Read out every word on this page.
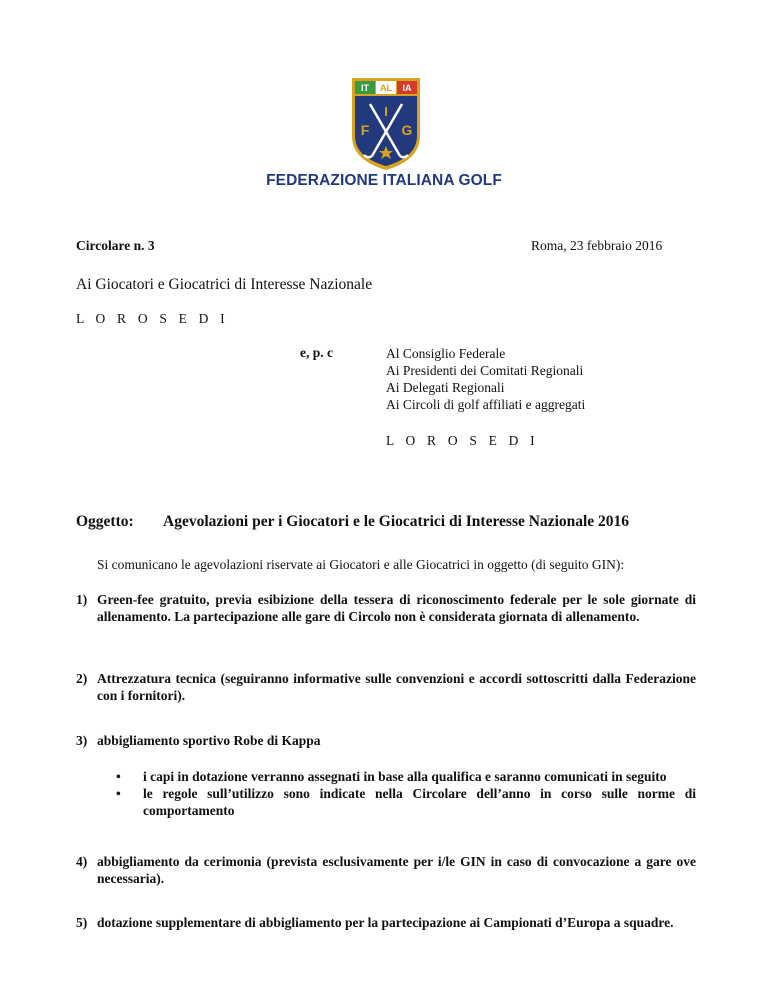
IT AL IA
I
F G
FEDERAZIONE ITALIANA GOLF
Circolare n. 3	Roma, 23 febbraio 2016
Ai Giocatori e Giocatrici di Interesse Nazionale
L O R O S E D I
e, p. c	Al Consiglio Federale
Ai Presidenti dei Comitati Regionali
Ai Delegati Regionali
Ai Circoli di golf affiliati e aggregati
L O R O S E D I
Oggetto: Agevolazioni per i Giocatori e le Giocatrici di Interesse Nazionale 2016
Si comunicano le agevolazioni riservate ai Giocatori e alle Giocatrici in oggetto (di seguito GIN):
1) Green-fee gratuito, previa esibizione della tessera di riconoscimento federale per le sole giornate di allenamento. La partecipazione alle gare di Circolo non è considerata giornata di allenamento.
2) Attrezzatura tecnica (seguiranno informative sulle convenzioni e accordi sottoscritti dalla Federazione con i fornitori).
3) abbigliamento sportivo Robe di Kappa
• i capi in dotazione verranno assegnati in base alla qualifica e saranno comunicati in seguito
• le regole sull’utilizzo sono indicate nella Circolare dell’anno in corso sulle norme di comportamento
4) abbigliamento da cerimonia (prevista esclusivamente per i/le GIN in caso di convocazione a gare ove necessaria).
5) dotazione supplementare di abbigliamento per la partecipazione ai Campionati d’Europa a squadre.
